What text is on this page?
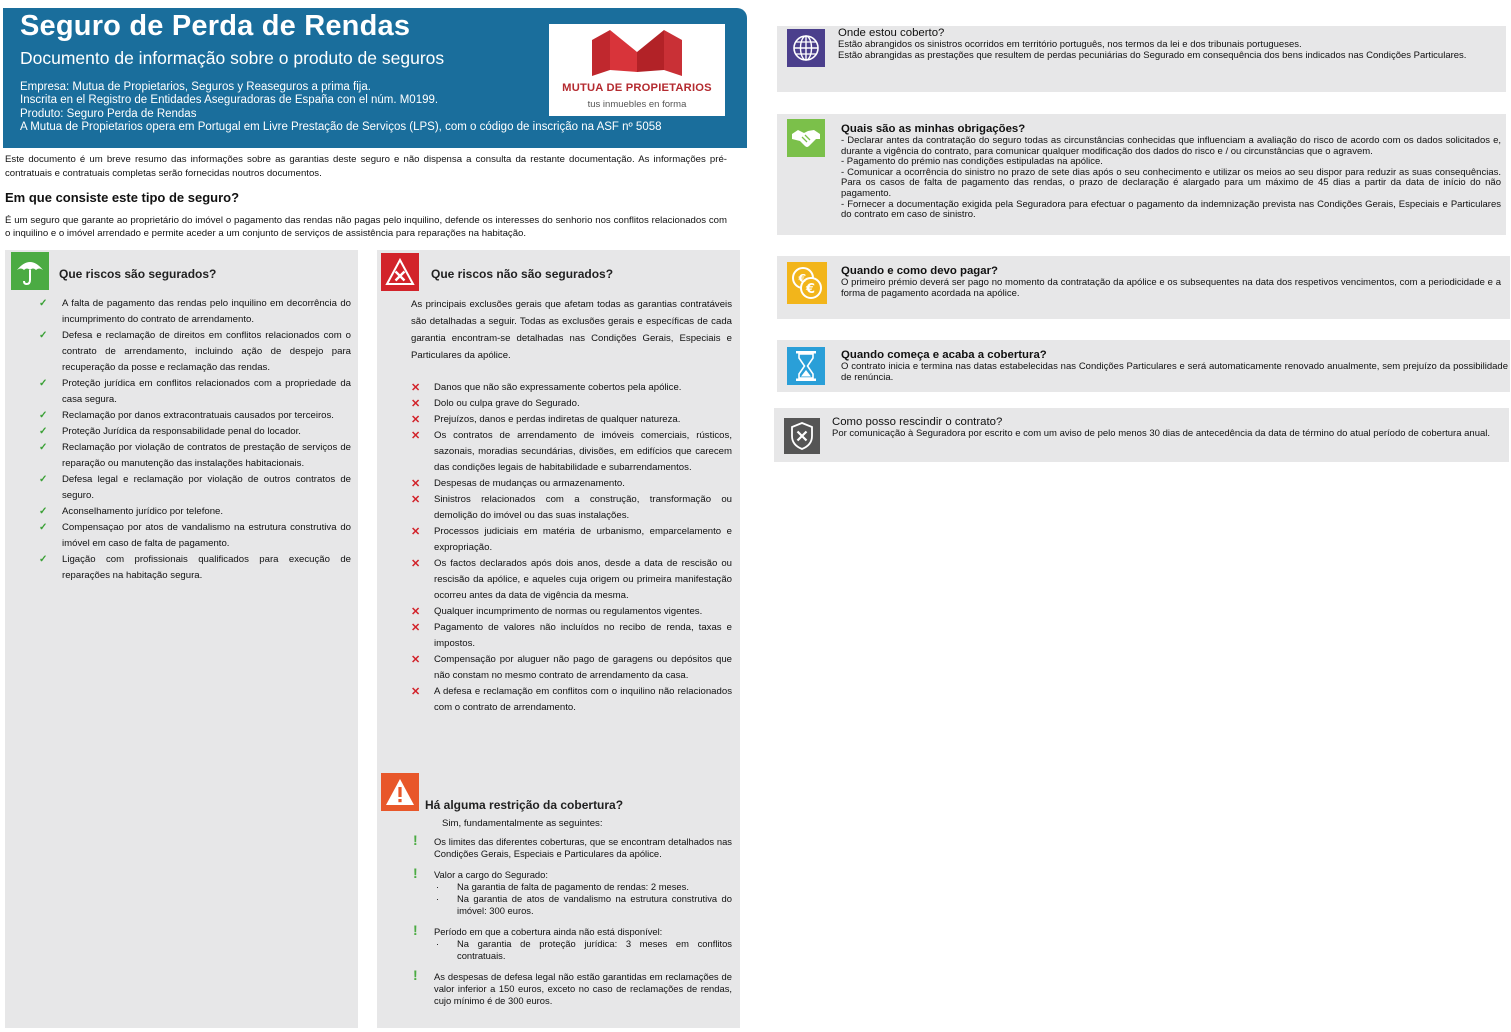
Seguro de Perda de Rendas
Documento de informação sobre o produto de seguros
Empresa: Mutua de Propietarios, Seguros y Reaseguros a prima fija.
Inscrita en el Registro de Entidades Aseguradoras de España con el núm. M0199.
Produto: Seguro Perda de Rendas
A Mutua de Propietarios opera em Portugal em Livre Prestação de Serviços (LPS), com o código de inscrição na ASF nº 5058
MUTUA DE PROPIETARIOS
tus inmuebles en forma
Este documento é um breve resumo das informações sobre as garantias deste seguro e não dispensa a consulta da restante documentação. As informações pré-contratuais e contratuais completas serão fornecidas noutros documentos.
Em que consiste este tipo de seguro?
É um seguro que garante ao proprietário do imóvel o pagamento das rendas não pagas pelo inquilino, defende os interesses do senhorio nos conflitos relacionados com o inquilino e o imóvel arrendado e permite aceder a um conjunto de serviços de assistência para reparações na habitação.
Que riscos são segurados?
✓ A falta de pagamento das rendas pelo inquilino em decorrência do incumprimento do contrato de arrendamento.
✓ Defesa e reclamação de direitos em conflitos relacionados com o contrato de arrendamento, incluindo ação de despejo para recuperação da posse e reclamação das rendas.
✓ Proteção jurídica em conflitos relacionados com a propriedade da casa segura.
✓ Reclamação por danos extracontratuais causados por terceiros.
✓ Proteção Jurídica da responsabilidade penal do locador.
✓ Reclamação por violação de contratos de prestação de serviços de reparação ou manutenção das instalações habitacionais.
✓ Defesa legal e reclamação por violação de outros contratos de seguro.
✓ Aconselhamento jurídico por telefone.
✓ Compensaçao por atos de vandalismo na estrutura construtiva do imóvel em caso de falta de pagamento.
✓ Ligação com profissionais qualificados para execução de reparações na habitação segura.
Que riscos não são segurados?
As principais exclusões gerais que afetam todas as garantias contratáveis são detalhadas a seguir. Todas as exclusões gerais e específicas de cada garantia encontram-se detalhadas nas Condições Gerais, Especiais e Particulares da apólice.
✕ Danos que não são expressamente cobertos pela apólice.
✕ Dolo ou culpa grave do Segurado.
✕ Prejuízos, danos e perdas indiretas de qualquer natureza.
✕ Os contratos de arrendamento de imóveis comerciais, rústicos, sazonais, moradias secundárias, divisões, em edifícios que carecem das condições legais de habitabilidade e subarrendamentos.
✕ Despesas de mudanças ou armazenamento.
✕ Sinistros relacionados com a construção, transformação ou demolição do imóvel ou das suas instalações.
✕ Processos judiciais em matéria de urbanismo, emparcelamento e expropriação.
✕ Os factos declarados após dois anos, desde a data de rescisão ou rescisão da apólice, e aqueles cuja origem ou primeira manifestação ocorreu antes da data de vigência da mesma.
✕ Qualquer incumprimento de normas ou regulamentos vigentes.
✕ Pagamento de valores não incluídos no recibo de renda, taxas e impostos.
✕ Compensação por aluguer não pago de garagens ou depósitos que não constam no mesmo contrato de arrendamento da casa.
✕ A defesa e reclamação em conflitos com o inquilino não relacionados com o contrato de arrendamento.
Há alguma restrição da cobertura?
Sim, fundamentalmente as seguintes:
! Os limites das diferentes coberturas, que se encontram detalhados nas Condições Gerais, Especiais e Particulares da apólice.
! Valor a cargo do Segurado:
· Na garantia de falta de pagamento de rendas: 2 meses.
· Na garantia de atos de vandalismo na estrutura construtiva do imóvel: 300 euros.
! Período em que a cobertura ainda não está disponível:
· Na garantia de proteção jurídica: 3 meses em conflitos contratuais.
! As despesas de defesa legal não estão garantidas em reclamações de valor inferior a 150 euros, exceto no caso de reclamações de rendas, cujo mínimo é de 300 euros.
Onde estou coberto?
Estão abrangidos os sinistros ocorridos em território português, nos termos da lei e dos tribunais portugueses.
Estão abrangidas as prestações que resultem de perdas pecuniárias do Segurado em consequência dos bens indicados nas Condições Particulares.
Quais são as minhas obrigações?
- Declarar antes da contratação do seguro todas as circunstâncias conhecidas que influenciam a avaliação do risco de acordo com os dados solicitados e, durante a vigência do contrato, para comunicar qualquer modificação dos dados do risco e / ou circunstâncias que o agravem.
- Pagamento do prémio nas condições estipuladas na apólice.
- Comunicar a ocorrência do sinistro no prazo de sete dias após o seu conhecimento e utilizar os meios ao seu dispor para reduzir as suas consequências. Para os casos de falta de pagamento das rendas, o prazo de declaração é alargado para um máximo de 45 dias a partir da data de início do não pagamento.
- Fornecer a documentação exigida pela Seguradora para efectuar o pagamento da indemnização prevista nas Condições Gerais, Especiais e Particulares do contrato em caso de sinistro.
€
€
Quando e como devo pagar?
O primeiro prémio deverá ser pago no momento da contratação da apólice e os subsequentes na data dos respetivos vencimentos, com a periodicidade e a forma de pagamento acordada na apólice.
Quando começa e acaba a cobertura?
O contrato inicia e termina nas datas estabelecidas nas Condições Particulares e será automaticamente renovado anualmente, sem prejuízo da possibilidade de renúncia.
Como posso rescindir o contrato?
Por comunicação à Seguradora por escrito e com um aviso de pelo menos 30 dias de antecedência da data de término do atual período de cobertura anual.
